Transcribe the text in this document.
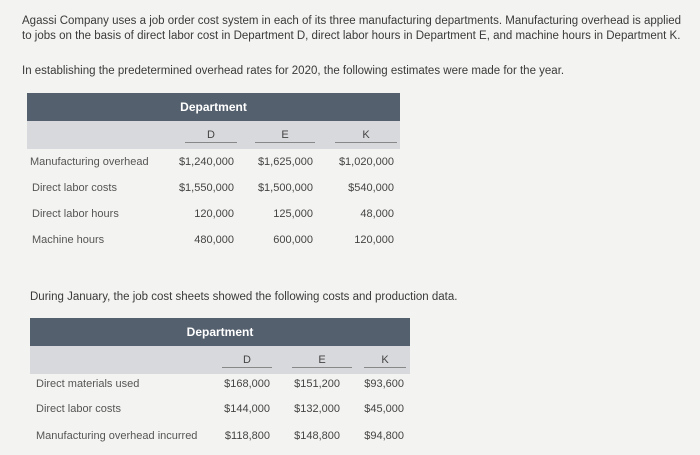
Agassi Company uses a job order cost system in each of its three manufacturing departments. Manufacturing overhead is applied to jobs on the basis of direct labor cost in Department D, direct labor hours in Department E, and machine hours in Department K.

In establishing the predetermined overhead rates for 2020, the following estimates were made for the year.

Department
D	E	K
Manufacturing overhead	$1,240,000 $1,625,000 $1,020,000
Direct labor costs	$1,550,000 $1,500,000	$540,000
Direct labor hours	120,000	125,000	48,000
Machine hours	480,000	600,000	120,000

During January, the job cost sheets showed the following costs and production data.

Department
D	E	K
Direct materials used	$168,000 $151,200 $93,600
Direct labor costs	$144,000 $132,000 $45,000
Manufacturing overhead incurred $118,800 $148,800 $94,800
